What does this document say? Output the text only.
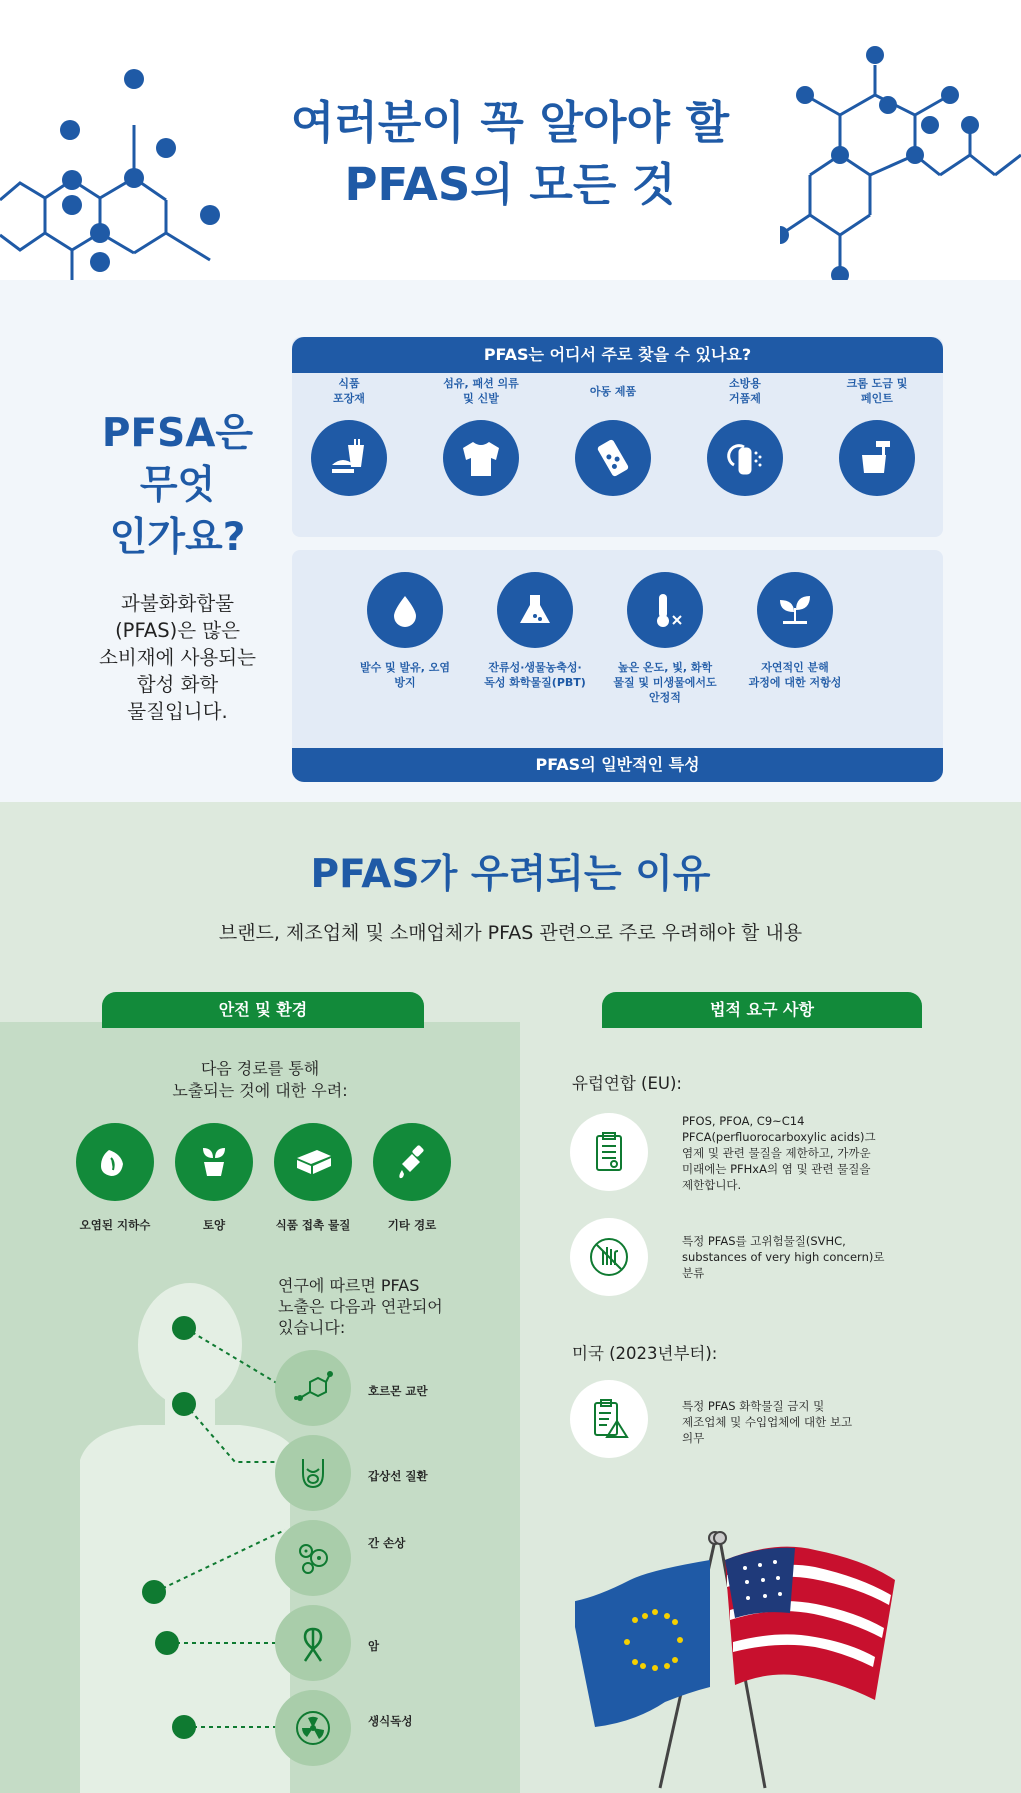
여러분이 꼭 알아야 할
PFAS의 모든 것
PFSA은
무엇
인가요?
과불화화합물
(PFAS)은 많은
소비재에 사용되는
합성 화학
물질입니다.
PFAS는 어디서 주로 찾을 수 있나요?
식품
포장재
섬유, 패션 의류
및 신발
아동 제품
소방용
거품제
크롬 도금 및
페인트
발수 및 발유, 오염
방지
잔류성·생물농축성·
독성 화학물질(PBT)
높은 온도, 빛, 화학
물질 및 미생물에서도
안정적
자연적인 분해
과정에 대한 저항성
PFAS의 일반적인 특성
PFAS가 우려되는 이유
브랜드, 제조업체 및 소매업체가 PFAS 관련으로 주로 우려해야 할 내용
안전 및 환경	법적 요구 사항
다음 경로를 통해
노출되는 것에 대한 우려:
오염된 지하수	토양	식품 접촉 물질	기타 경로
연구에 따르면 PFAS
노출은 다음과 연관되어
있습니다:
호르몬 교란
갑상선 질환
간 손상
암
생식독성
유럽연합 (EU):
PFOS, PFOA, C9~C14
PFCA(perfluorocarboxylic acids)그
염제 및 관련 물질을 제한하고, 가까운
미래에는 PFHxA의 염 및 관련 물질을
제한합니다.
특정 PFAS를 고위험물질(SVHC,
substances of very high concern)로
분류
미국 (2023년부터):
특정 PFAS 화학물질 금지 및
제조업체 및 수입업체에 대한 보고
의무
